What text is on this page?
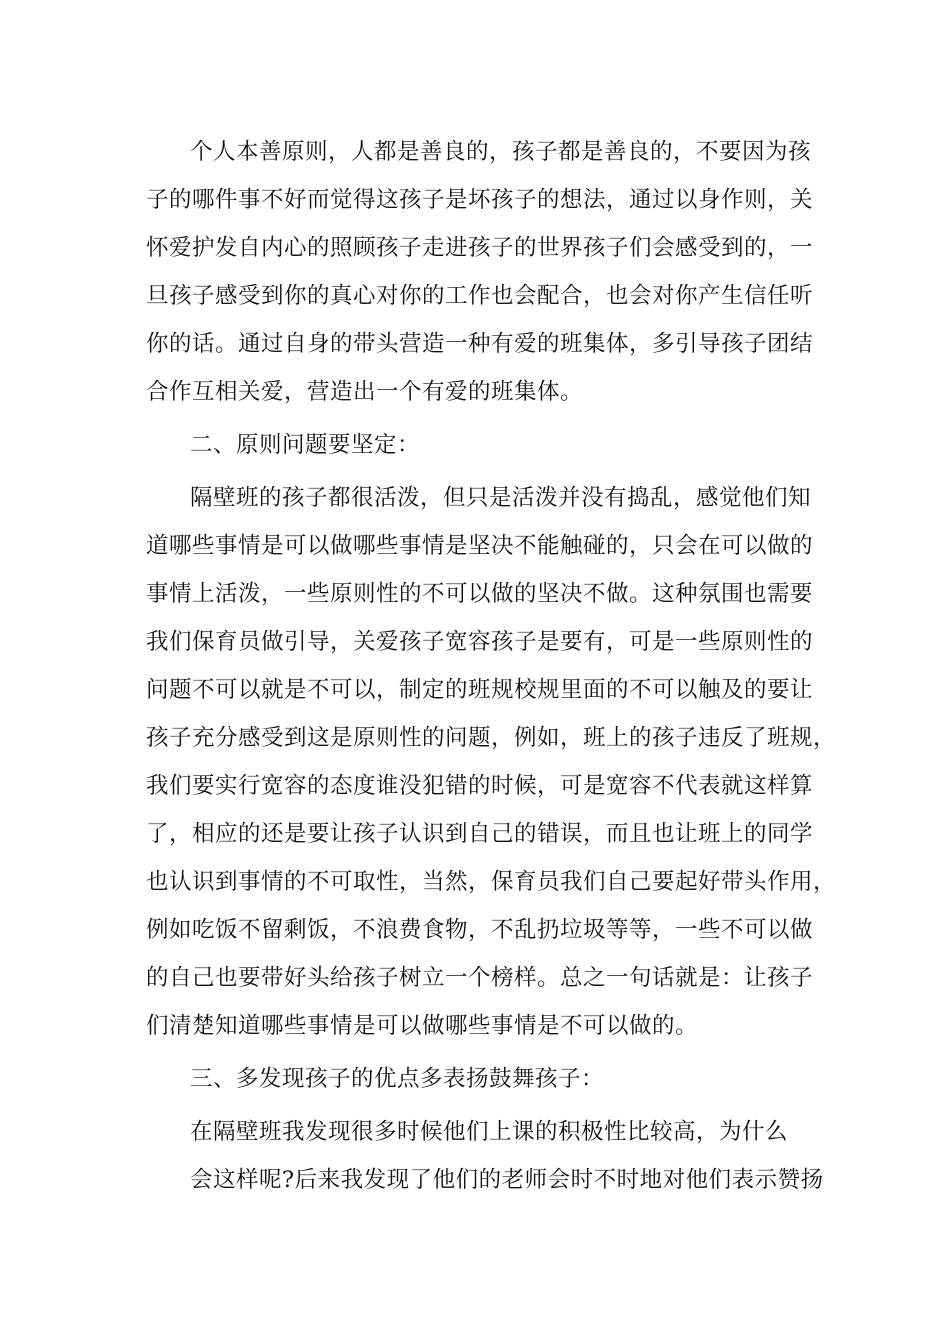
个人本善原则，人都是善良的，孩子都是善良的，不要因为孩
子的哪件事不好而觉得这孩子是坏孩子的想法，通过以身作则，关
怀爱护发自内心的照顾孩子走进孩子的世界孩子们会感受到的，一
旦孩子感受到你的真心对你的工作也会配合，也会对你产生信任听
你的话。通过自身的带头营造一种有爱的班集体，多引导孩子团结
合作互相关爱，营造出一个有爱的班集体。
二、原则问题要坚定：
隔壁班的孩子都很活泼，但只是活泼并没有捣乱，感觉他们知
道哪些事情是可以做哪些事情是坚决不能触碰的，只会在可以做的
事情上活泼，一些原则性的不可以做的坚决不做。这种氛围也需要
我们保育员做引导，关爱孩子宽容孩子是要有，可是一些原则性的
问题不可以就是不可以，制定的班规校规里面的不可以触及的要让
孩子充分感受到这是原则性的问题，例如，班上的孩子违反了班规，
我们要实行宽容的态度谁没犯错的时候，可是宽容不代表就这样算
了，相应的还是要让孩子认识到自己的错误，而且也让班上的同学
也认识到事情的不可取性，当然，保育员我们自己要起好带头作用，
例如吃饭不留剩饭，不浪费食物，不乱扔垃圾等等，一些不可以做
的自己也要带好头给孩子树立一个榜样。总之一句话就是：让孩子
们清楚知道哪些事情是可以做哪些事情是不可以做的。
三、多发现孩子的优点多表扬鼓舞孩子：
在隔壁班我发现很多时候他们上课的积极性比较高，为什么
会这样呢?后来我发现了他们的老师会时不时地对他们表示赞扬
